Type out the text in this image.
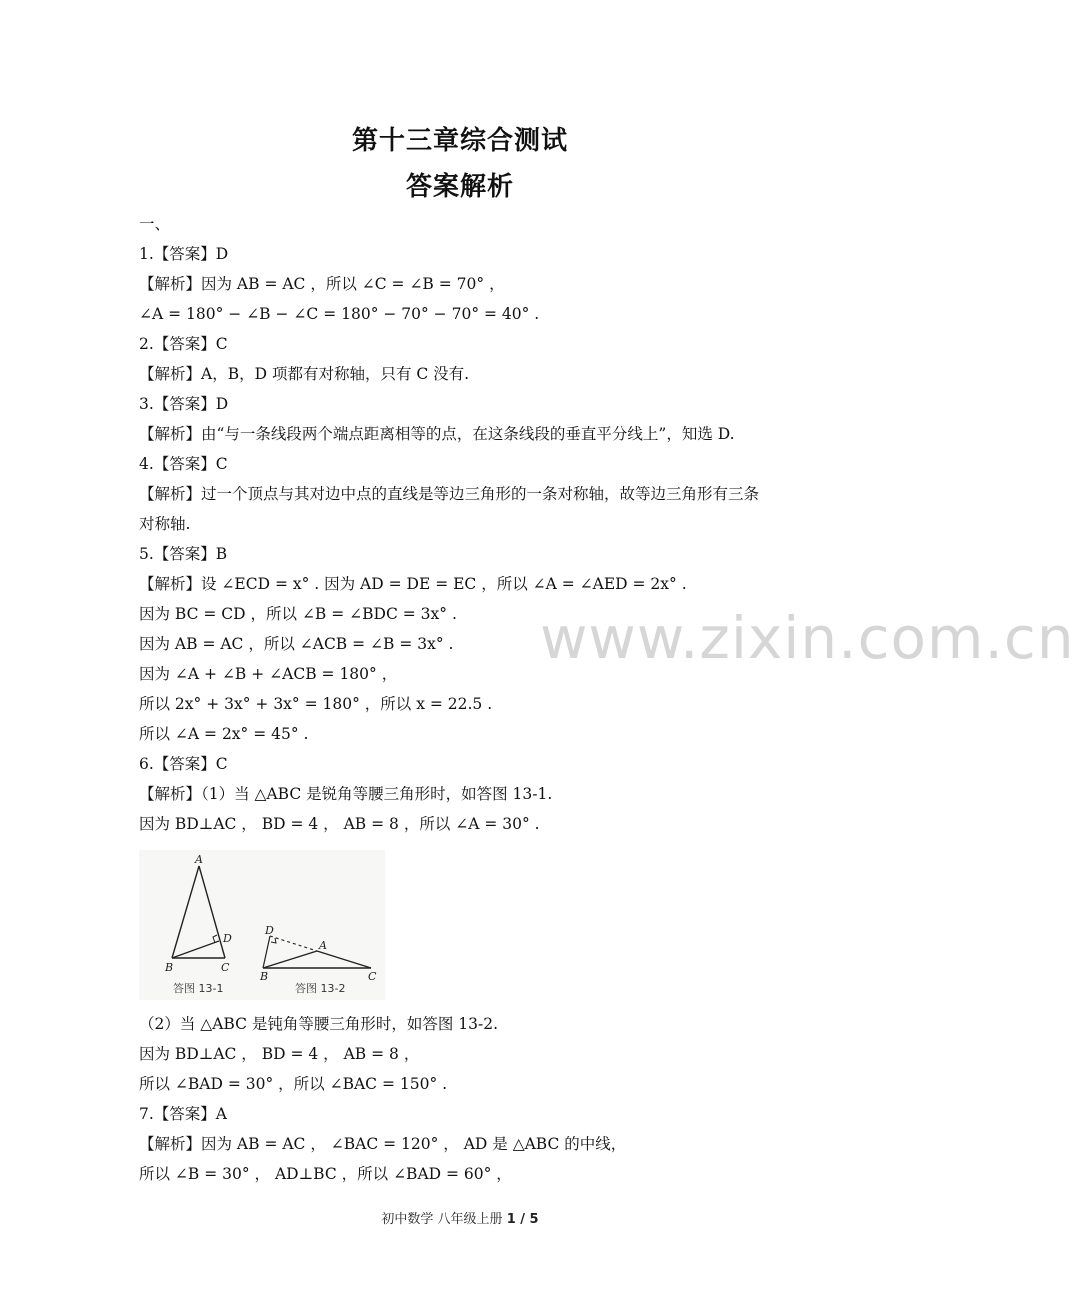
第十三章综合测试
答案解析
www.zixin.com.cn
一、
1.【答案】D
【解析】因为 AB = AC ，所以 ∠C = ∠B = 70° ，
∠A = 180° − ∠B − ∠C = 180° − 70° − 70° = 40° .
2.【答案】C
【解析】A，B，D 项都有对称轴，只有 C 没有.
3.【答案】D
【解析】由“与一条线段两个端点距离相等的点，在这条线段的垂直平分线上”，知选 D.
4.【答案】C
【解析】过一个顶点与其对边中点的直线是等边三角形的一条对称轴，故等边三角形有三条
对称轴.
5.【答案】B
【解析】设 ∠ECD = x° . 因为 AD = DE = EC ，所以 ∠A = ∠AED = 2x° .
因为 BC = CD ，所以 ∠B = ∠BDC = 3x° .
因为 AB = AC ，所以 ∠ACB = ∠B = 3x° .
因为 ∠A + ∠B + ∠ACB = 180° ，
所以 2x° + 3x° + 3x° = 180° ，所以 x = 22.5 .
所以 ∠A = 2x° = 45° .
6.【答案】C
【解析】（1）当 △ABC 是锐角等腰三角形时，如答图 13-1.
因为 BD⊥AC ， BD = 4 ， AB = 8 ，所以 ∠A = 30° .
A
B	C
D
答图 13-1
A
B	C
D
答图 13-2
（2）当 △ABC 是钝角等腰三角形时，如答图 13-2.
因为 BD⊥AC ， BD = 4 ， AB = 8 ，
所以 ∠BAD = 30° ，所以 ∠BAC = 150° .
7.【答案】A
【解析】因为 AB = AC ， ∠BAC = 120° ， AD 是 △ABC 的中线，
所以 ∠B = 30° ， AD⊥BC ，所以 ∠BAD = 60° ，
初中数学 八年级上册 1 / 5
